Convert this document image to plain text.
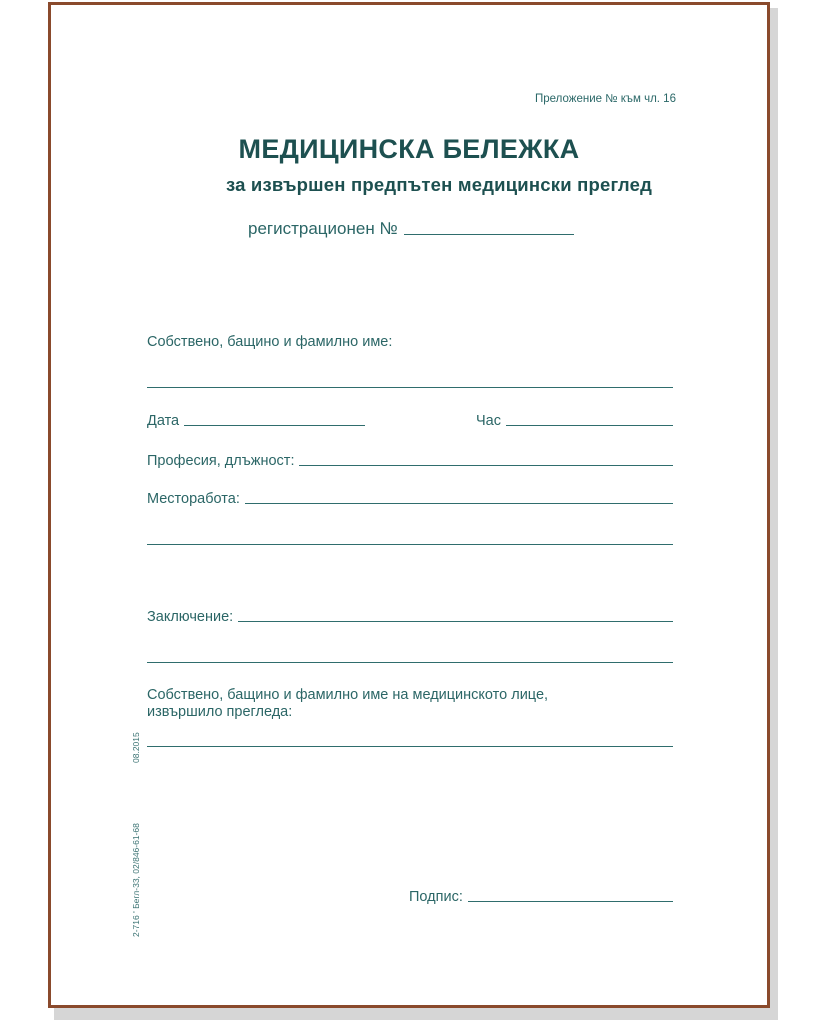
Преложение № към чл. 16
МЕДИЦИНСКА БЕЛЕЖКА
за извършен предпътен медицински преглед
регистрационен №
Собствено, бащино и фамилно име:
Дата	Час
Професия, длъжност:
Месторабота:
Заключение:
Собствено, бащино и фамилно име на медицинското лице,
извършило прегледа:
Подпис:
08.2015
2-716 ' Бегл-33, 02/846-61-68
